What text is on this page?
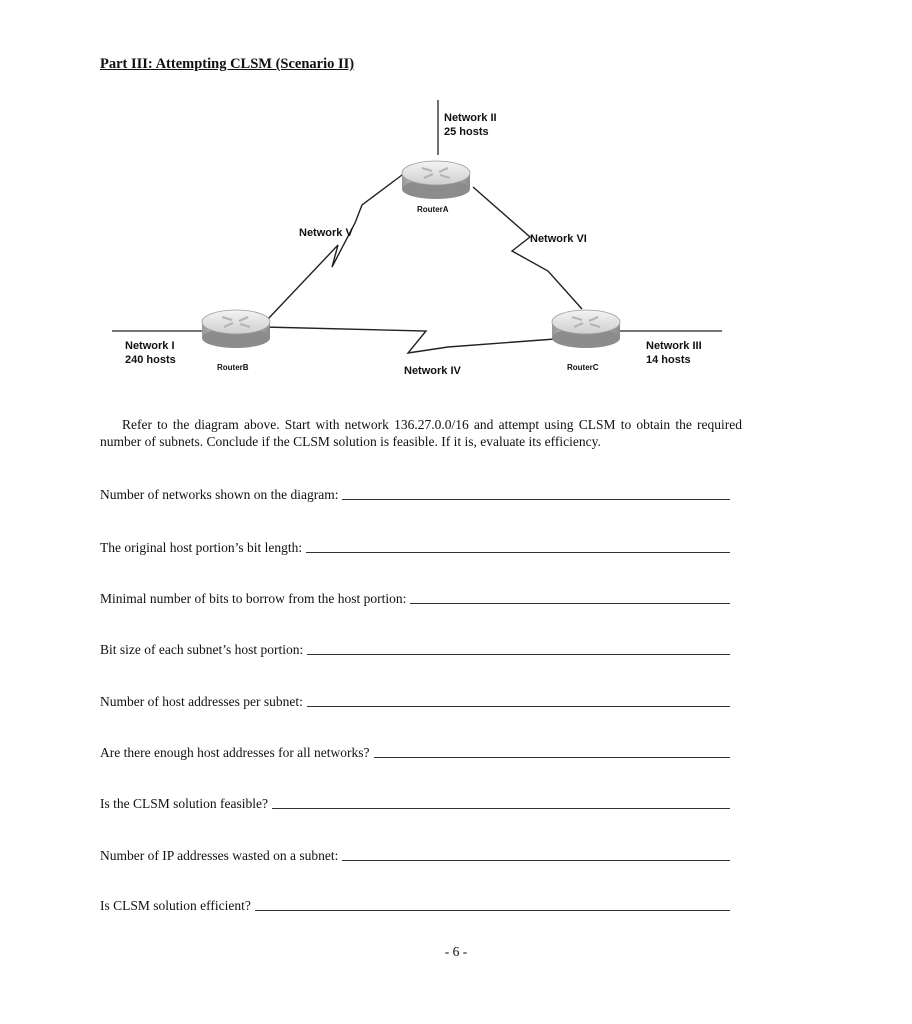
Part III: Attempting CLSM (Scenario II)
Network II
25 hosts
RouterA
Network V	Network VI
Network I
240 hosts
RouterB	Network IV	RouterC
Network III
14 hosts
Refer to the diagram above. Start with network 136.27.0.0/16 and attempt using CLSM to obtain the required number of subnets. Conclude if the CLSM solution is feasible. If it is, evaluate its efficiency.
Number of networks shown on the diagram:
The original host portion’s bit length:
Minimal number of bits to borrow from the host portion:
Bit size of each subnet’s host portion:
Number of host addresses per subnet:
Are there enough host addresses for all networks?
Is the CLSM solution feasible?
Number of IP addresses wasted on a subnet:
Is CLSM solution efficient?
- 6 -
